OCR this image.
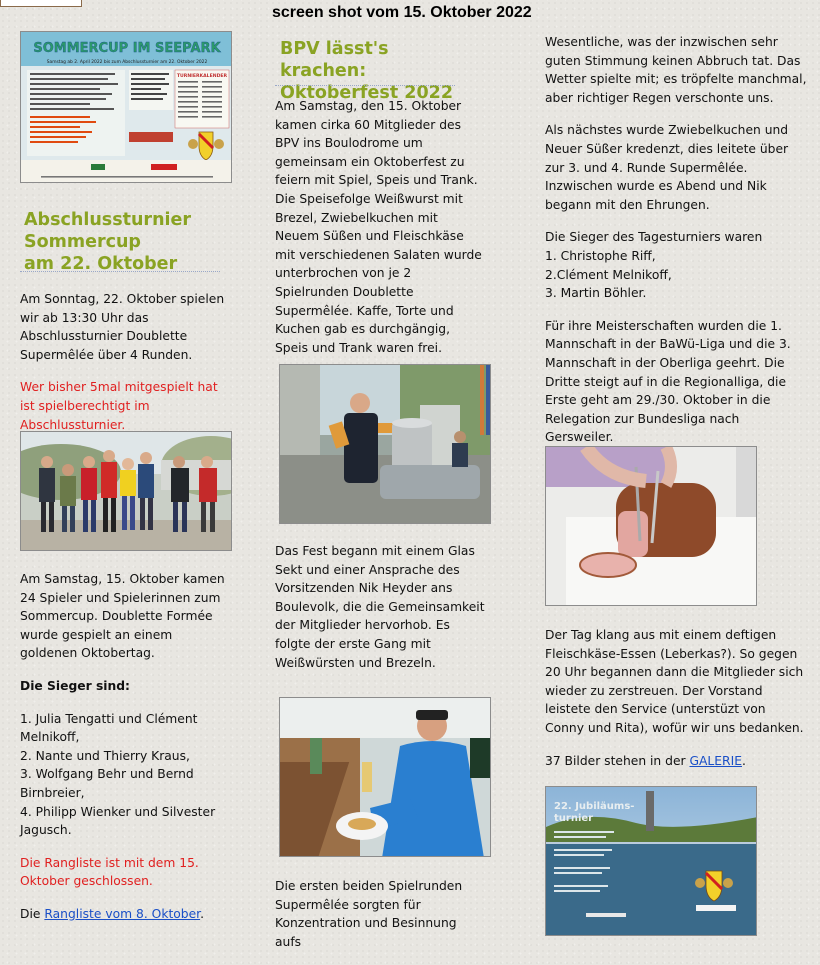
screen shot vom 15. Oktober 2022
SOMMERCUP IM SEEPARK
Samstag ab 2. April 2022 bis zum Abschlussturnier am 22. Oktober 2022
TURNIERKALENDER
Abschlussturnier
Sommercup
am 22. Oktober

Am Sonntag, 22. Oktober spielen wir ab 13:30 Uhr das Abschlussturnier Doublette Supermêlée über 4 Runden.

Wer bisher 5mal mitgespielt hat ist spielberechtigt im Abschlussturnier.

Am Samstag, 15. Oktober kamen 24 Spieler und Spielerinnen zum Sommercup. Doublette Formée wurde gespielt an einem goldenen Oktobertag.

Die Sieger sind:

1. Julia Tengatti und Clément Melnikoff,
2. Nante und Thierry Kraus,
3. Wolfgang Behr und Bernd Birnbreier,
4. Philipp Wienker und Silvester Jagusch.

Die Rangliste ist mit dem 15. Oktober geschlossen.

Die Rangliste vom 8. Oktober.

BPV lässt's krachen:
Oktoberfest 2022

Am Samstag, den 15. Oktober kamen cirka 60 Mitglieder des BPV ins Boulodrome um gemeinsam ein Oktoberfest zu feiern mit Spiel, Speis und Trank. Die Speisefolge Weißwurst mit Brezel, Zwiebelkuchen mit Neuem Süßen und Fleischkäse mit verschiedenen Salaten wurde unterbrochen von je 2 Spielrunden Doublette Supermêlée. Kaffe, Torte und Kuchen gab es durchgängig, Speis und Trank waren frei.

Das Fest begann mit einem Glas Sekt und einer Ansprache des Vorsitzenden Nik Heyder ans Boulevolk, die die Gemeinsamkeit der Mitglieder hervorhob. Es folgte der erste Gang mit Weißwürsten und Brezeln.

Die ersten beiden Spielrunden Supermêlée sorgten für Konzentration und Besinnung aufs

Wesentliche, was der inzwischen sehr guten Stimmung keinen Abbruch tat. Das Wetter spielte mit; es tröpfelte manchmal, aber richtiger Regen verschonte uns.

Als nächstes wurde Zwiebelkuchen und Neuer Süßer kredenzt, dies leitete über zur 3. und 4. Runde Supermêlée. Inzwischen wurde es Abend und Nik begann mit den Ehrungen.

Die Sieger des Tagesturniers waren
1. Christophe Riff,
2.Clément Melnikoff,
3. Martin Böhler.

Für ihre Meisterschaften wurden die 1. Mannschaft in der BaWü-Liga und die 3. Mannschaft in der Oberliga geehrt. Die Dritte steigt auf in die Regionalliga, die Erste geht am 29./30. Oktober in die Relegation zur Bundesliga nach Gersweiler.

Der Tag klang aus mit einem deftigen Fleischkäse-Essen (Leberkas?). So gegen 20 Uhr begannen dann die Mitglieder sich wieder zu zerstreuen. Der Vorstand leistete den Service (unterstüzt von Conny und Rita), wofür wir uns bedanken.

37 Bilder stehen in der GALERIE.

22. Jubiläums-
turnier
